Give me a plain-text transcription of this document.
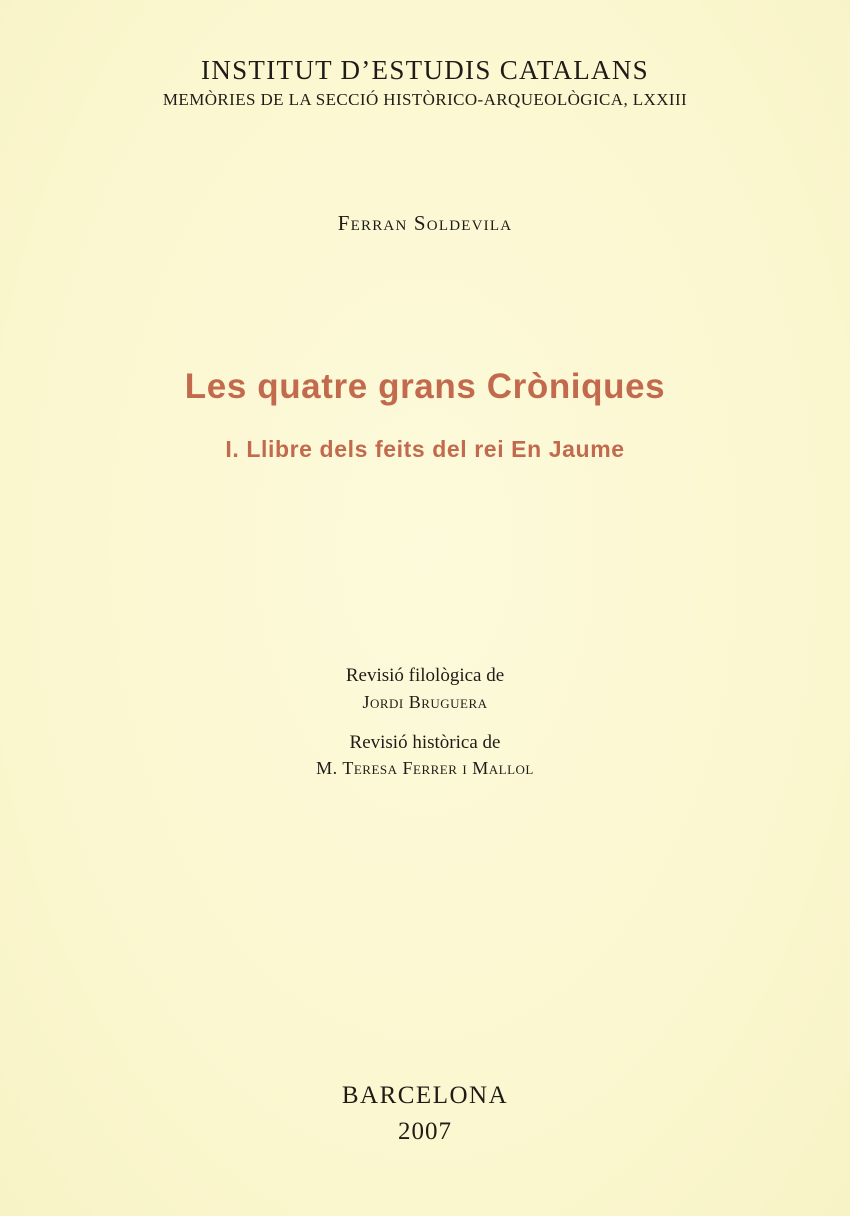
INSTITUT D’ESTUDIS CATALANS
MEMÒRIES DE LA SECCIÓ HISTÒRICO-ARQUEOLÒGICA, LXXIII
Ferran Soldevila
Les quatre grans Cròniques
I. Llibre dels feits del rei En Jaume
Revisió filològica de
Jordi Bruguera
Revisió històrica de
M. Teresa Ferrer i Mallol
BARCELONA
2007
